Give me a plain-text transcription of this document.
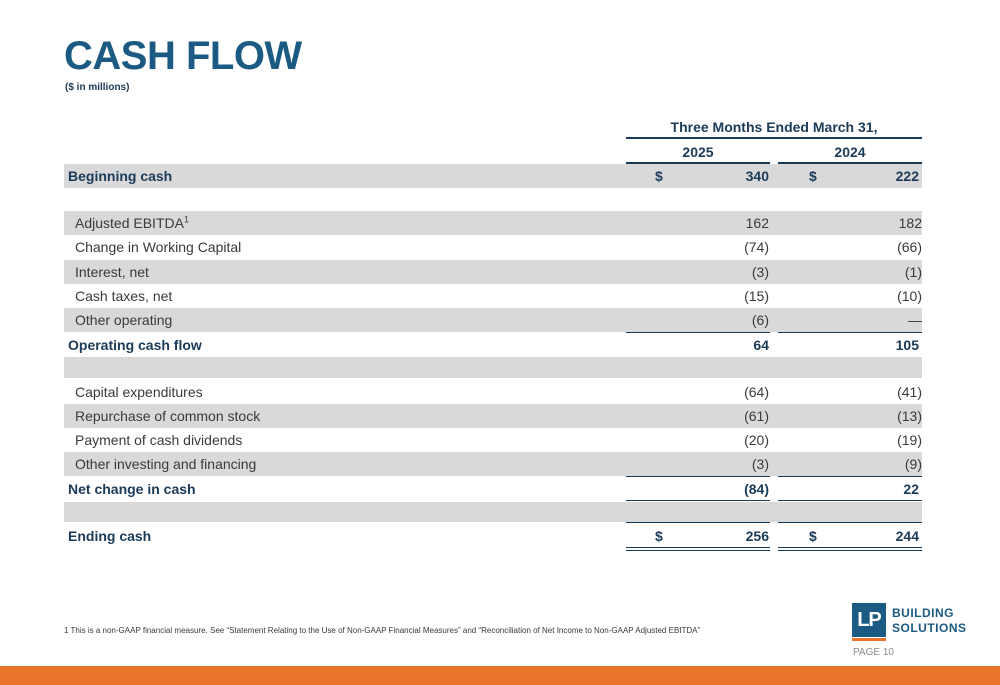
CASH FLOW
($ in millions)
Three Months Ended March 31,
2025	2024
Beginning cash	$	340	$	222
Adjusted EBITDA$^1$	162	182
Change in Working Capital	(74)	(66)
Interest, net	(3)	(1)
Cash taxes, net	(15)	(10)
Other operating	(6)	—
Operating cash flow	64	105
Capital expenditures	(64)	(41)
Repurchase of common stock	(61)	(13)
Payment of cash dividends	(20)	(19)
Other investing and financing	(3)	(9)
Net change in cash	(84)	22
Ending cash	$	256	$	244
1 This is a non-GAAP financial measure. See “Statement Relating to the Use of Non-GAAP Financial Measures” and “Reconciliation of Net Income to Non-GAAP Adjusted EBITDA”	LP BUILDING
SOLUTIONS
PAGE 10
